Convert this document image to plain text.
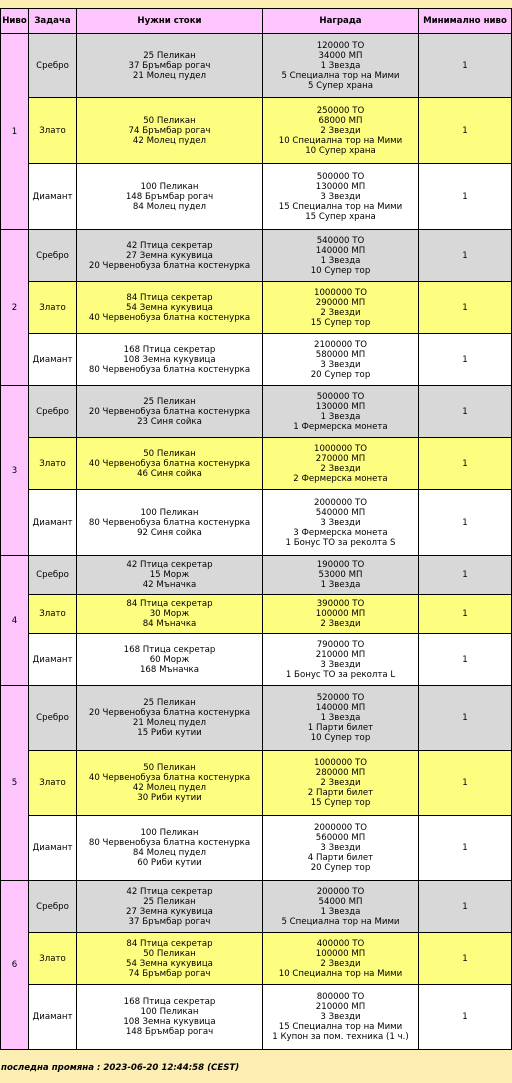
Ниво	Задача	Нужни стоки	Награда	Минимално ниво
1	Сребро	25 Пеликан
37 Бръмбар рогач
21 Молец пудел	120000 ТО
34000 МП
1 Звезда
5 Специална тор на Мими
5 Супер храна	1
	Злато	50 Пеликан
74 Бръмбар рогач
42 Молец пудел	250000 ТО
68000 МП
2 Звезди
10 Специална тор на Мими
10 Супер храна	1
	Диамант	100 Пеликан
148 Бръмбар рогач
84 Молец пудел	500000 ТО
130000 МП
3 Звезди
15 Специална тор на Мими
15 Супер храна	1
2	Сребро	42 Птица секретар
27 Земна кукувица
20 Червенобуза блатна костенурка	540000 ТО
140000 МП
1 Звезда
10 Супер тор	1
	Злато	84 Птица секретар
54 Земна кукувица
40 Червенобуза блатна костенурка	1000000 ТО
290000 МП
2 Звезди
15 Супер тор	1
	Диамант	168 Птица секретар
108 Земна кукувица
80 Червенобуза блатна костенурка	2100000 ТО
580000 МП
3 Звезди
20 Супер тор	1
3	Сребро	25 Пеликан
20 Червенобуза блатна костенурка
23 Синя сойка	500000 ТО
130000 МП
1 Звезда
1 Фермерска монета	1
	Злато	50 Пеликан
40 Червенобуза блатна костенурка
46 Синя сойка	1000000 ТО
270000 МП
2 Звезди
2 Фермерска монета	1
	Диамант	100 Пеликан
80 Червенобуза блатна костенурка
92 Синя сойка	2000000 ТО
540000 МП
3 Звезди
3 Фермерска монета
1 Бонус ТО за реколта S	1
4	Сребро	42 Птица секретар
15 Морж
42 Мъначка	190000 ТО
53000 МП
1 Звезда	1
	Злато	84 Птица секретар
30 Морж
84 Мъначка	390000 ТО
100000 МП
2 Звезди	1
	Диамант	168 Птица секретар
60 Морж
168 Мъначка	790000 ТО
210000 МП
3 Звезди
1 Бонус ТО за реколта L	1
5	Сребро	25 Пеликан
20 Червенобуза блатна костенурка
21 Молец пудел
15 Риби кутии	520000 ТО
140000 МП
1 Звезда
1 Парти билет
10 Супер тор	1
	Злато	50 Пеликан
40 Червенобуза блатна костенурка
42 Молец пудел
30 Риби кутии	1000000 ТО
280000 МП
2 Звезди
2 Парти билет
15 Супер тор	1
	Диамант	100 Пеликан
80 Червенобуза блатна костенурка
84 Молец пудел
60 Риби кутии	2000000 ТО
560000 МП
3 Звезди
4 Парти билет
20 Супер тор	1
6	Сребро	42 Птица секретар
25 Пеликан
27 Земна кукувица
37 Бръмбар рогач	200000 ТО
54000 МП
1 Звезда
5 Специална тор на Мими	1
	Злато	84 Птица секретар
50 Пеликан
54 Земна кукувица
74 Бръмбар рогач	400000 ТО
100000 МП
2 Звезди
10 Специална тор на Мими	1
	Диамант	168 Птица секретар
100 Пеликан
108 Земна кукувица
148 Бръмбар рогач	800000 ТО
210000 МП
3 Звезди
15 Специална тор на Мими
1 Купон за пом. техника (1 ч.)	1
последна промяна : 2023-06-20 12:44:58 (CEST)
